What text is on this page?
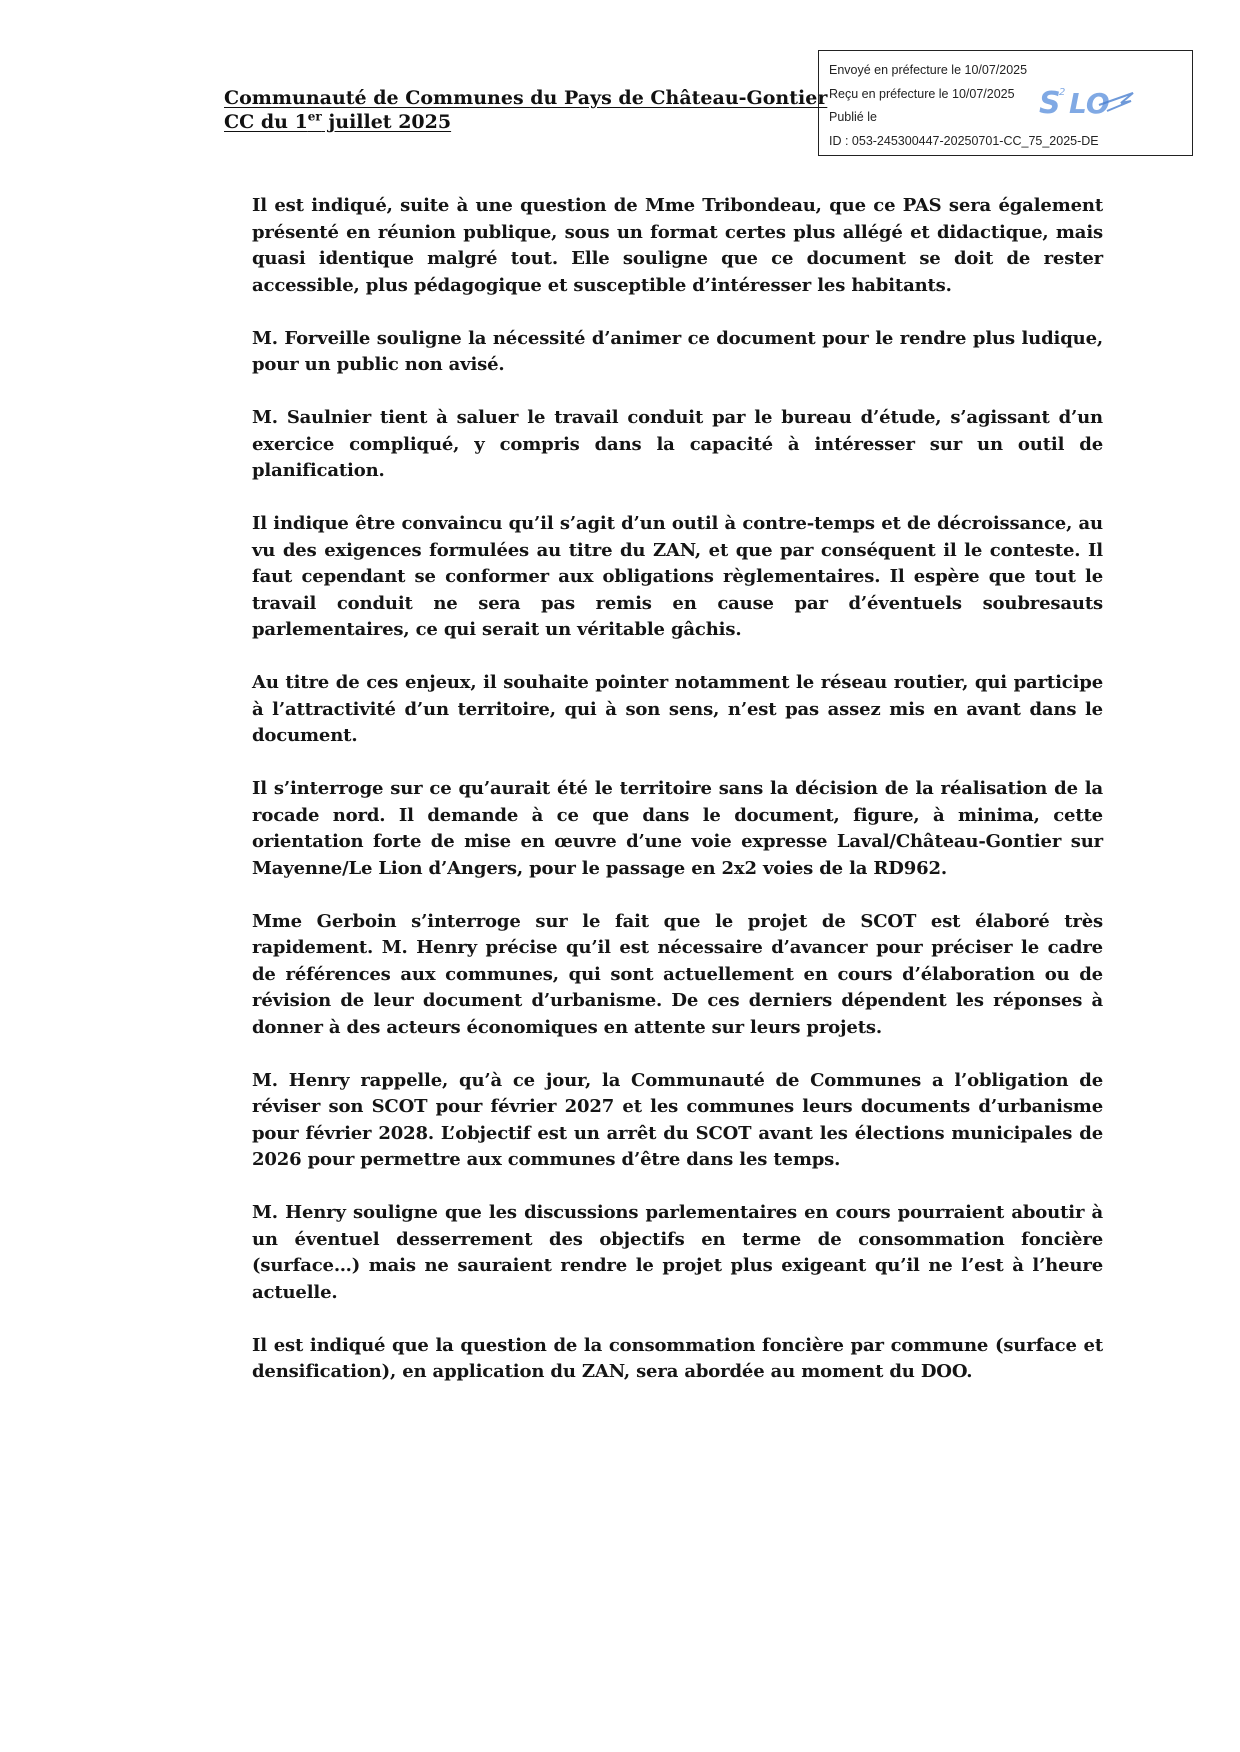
Communauté de Communes du Pays de Château-Gontier
CC du 1er juillet 2025
Envoyé en préfecture le 10/07/2025
Reçu en préfecture le 10/07/2025
Publié le
ID : 053-245300447-20250701-CC_75_2025-DE
S
2 LO

Il est indiqué, suite à une question de Mme Tribondeau, que ce PAS sera également présenté en réunion publique, sous un format certes plus allégé et didactique, mais quasi identique malgré tout. Elle souligne que ce document se doit de rester accessible, plus pédagogique et susceptible d’intéresser les habitants.

M. Forveille souligne la nécessité d’animer ce document pour le rendre plus ludique, pour un public non avisé.

M. Saulnier tient à saluer le travail conduit par le bureau d’étude, s’agissant d’un exercice compliqué, y compris dans la capacité à intéresser sur un outil de planification.

Il indique être convaincu qu’il s’agit d’un outil à contre-temps et de décroissance, au vu des exigences formulées au titre du ZAN, et que par conséquent il le conteste. Il faut cependant se conformer aux obligations règlementaires. Il espère que tout le travail conduit ne sera pas remis en cause par d’éventuels soubresauts parlementaires, ce qui serait un véritable gâchis.

Au titre de ces enjeux, il souhaite pointer notamment le réseau routier, qui participe à l’attractivité d’un territoire, qui à son sens, n’est pas assez mis en avant dans le document.

Il s’interroge sur ce qu’aurait été le territoire sans la décision de la réalisation de la rocade nord. Il demande à ce que dans le document, figure, à minima, cette orientation forte de mise en œuvre d’une voie expresse Laval/Château-Gontier sur Mayenne/Le Lion d’Angers, pour le passage en 2x2 voies de la RD962.

Mme Gerboin s’interroge sur le fait que le projet de SCOT est élaboré très rapidement. M. Henry précise qu’il est nécessaire d’avancer pour préciser le cadre de références aux communes, qui sont actuellement en cours d’élaboration ou de révision de leur document d’urbanisme. De ces derniers dépendent les réponses à donner à des acteurs économiques en attente sur leurs projets.

M. Henry rappelle, qu’à ce jour, la Communauté de Communes a l’obligation de réviser son SCOT pour février 2027 et les communes leurs documents d’urbanisme pour février 2028. L’objectif est un arrêt du SCOT avant les élections municipales de 2026 pour permettre aux communes d’être dans les temps.

M. Henry souligne que les discussions parlementaires en cours pourraient aboutir à un éventuel desserrement des objectifs en terme de consommation foncière (surface…) mais ne sauraient rendre le projet plus exigeant qu’il ne l’est à l’heure actuelle.

Il est indiqué que la question de la consommation foncière par commune (surface et densification), en application du ZAN, sera abordée au moment du DOO.
